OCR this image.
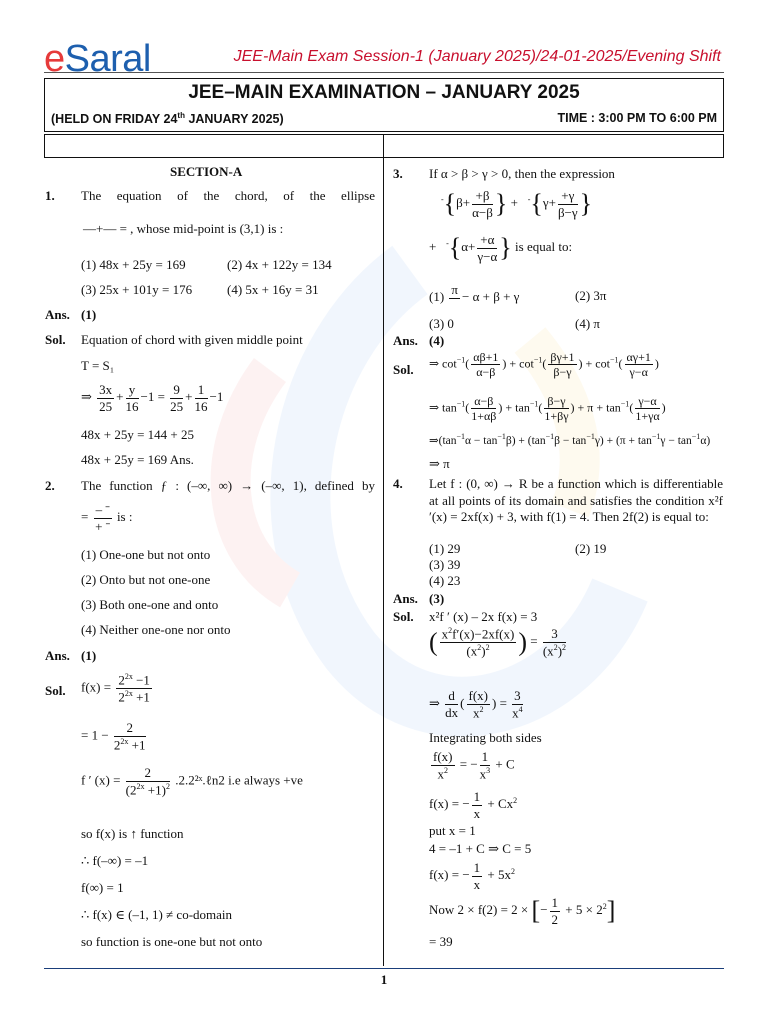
eSaral	JEE-Main Exam Session-1 (January 2025)/24-01-2025/Evening Shift
JEE–MAIN EXAMINATION – JANUARY 2025
(HELD ON FRIDAY 24th JANUARY 2025)	TIME : 3:00 PM TO 6:00 PM
SECTION-A
1. The equation of the chord, of the ellipse
—+— = , whose mid-point is (3,1) is :
(1) 48x + 25y = 169	(2) 4x + 122y = 134
(3) 25x + 101y = 176	(4) 5x + 16y = 31
Ans. (1)
Sol. Equation of chord with given middle point
T = S₁
⇒ $\frac{3x}{25} + \frac{y}{16} -1 = \frac{9}{25} + \frac{1}{16} -1$
48x + 25y = 144 + 25
48x + 25y = 169 Ans.
2. The function ƒ : (–∞, ∞) → (–∞, 1), defined by
= $\frac{\text{– ˉ}}{\text{+ ˉ}}$ is :
(1) One-one but not onto
(2) Onto but not one-one
(3) Both one-one and onto
(4) Neither one-one nor onto
Ans. (1)
Sol. $f(x) = \frac{2^{2x} -1}{2^{2x} +1}$
= $1 - \frac{2}{2^{2x} +1}$
f ′ $(x) = \frac{2}{(2^{2x} +1)^2}$ .2.2²ˣ.ℓn2 i.e always +ve
so f(x) is ↑ function
∴ f(–∞) = –1
f(∞) = 1
∴ f(x) ∈ (–1, 1) ≠ co-domain
so function is one-one but not onto
3. If α > β > γ > 0, then the expression
$^-\{\beta+ \frac{+\beta}{\alpha-\beta}$ } +   $^-\{\gamma+ \frac{+\gamma}{\beta-\gamma}$ }
+   $^-\{\alpha+ \frac{+\alpha}{\gamma-\alpha}$ } is equal to:
(1) π
− α + β + γ	(2) 3π
(3) 0	(4) π
Ans. (4)
Sol. ⇒ $\cot^{-1}( \frac{\alpha\beta+1}{\alpha-\beta}$ ) + $\cot^{-1}( \frac{\beta\gamma+1}{\beta-\gamma}$ ) + $\cot^{-1}( \frac{\alpha\gamma+1}{\gamma-\alpha}$ )
⇒ $\tan^{-1}( \frac{\alpha-\beta}{1+\alpha\beta}$ ) + $\tan^{-1}( \frac{\beta-\gamma}{1+\beta\gamma}$ ) + $\pi + \tan^{-1}( \frac{\gamma-\alpha}{1+\gamma\alpha}$ )
$\Rightarrow(\tan^{-1}\alpha - \tan^{-1}\beta) + (\tan^{-1}\beta - \tan^{-1}\gamma) + (\pi + \tan^{-1}\gamma - \tan^{-1}\alpha)$
⇒ π
4. Let f : (0, ∞) → R be a function which is differentiable at all points of its domain and satisfies the condition x²f ′(x) = 2xf(x) + 3, with f(1) = 4. Then 2f(2) is equal to:
(1) 29	(2) 19
(3) 39
(4) 23
Ans. (3)
Sol. x²f ′ (x) – 2x f(x) = 3
( $\frac{x^2f'(x)-2xf(x)}{(x^2)^2}$ ) = $\frac{3}{(x^2)^2}$
⇒ $\frac{d}{dx}$ ( $\frac{f(x)}{x^2}$ ) = $\frac{3}{x^4}$
Integrating both sides
$\frac{f(x)}{x^2}$ = − $\frac{1}{x^3} + C$
f(x) = − $\frac{1}{x} + Cx^2$
put x = 1
4 = –1 + C ⇒ C = 5
f(x) = − $\frac{1}{x} + 5x^2$
Now 2 × f(2) = 2 × [− $\frac{1}{2} + 5 \times 2^2$]
= 39
1
